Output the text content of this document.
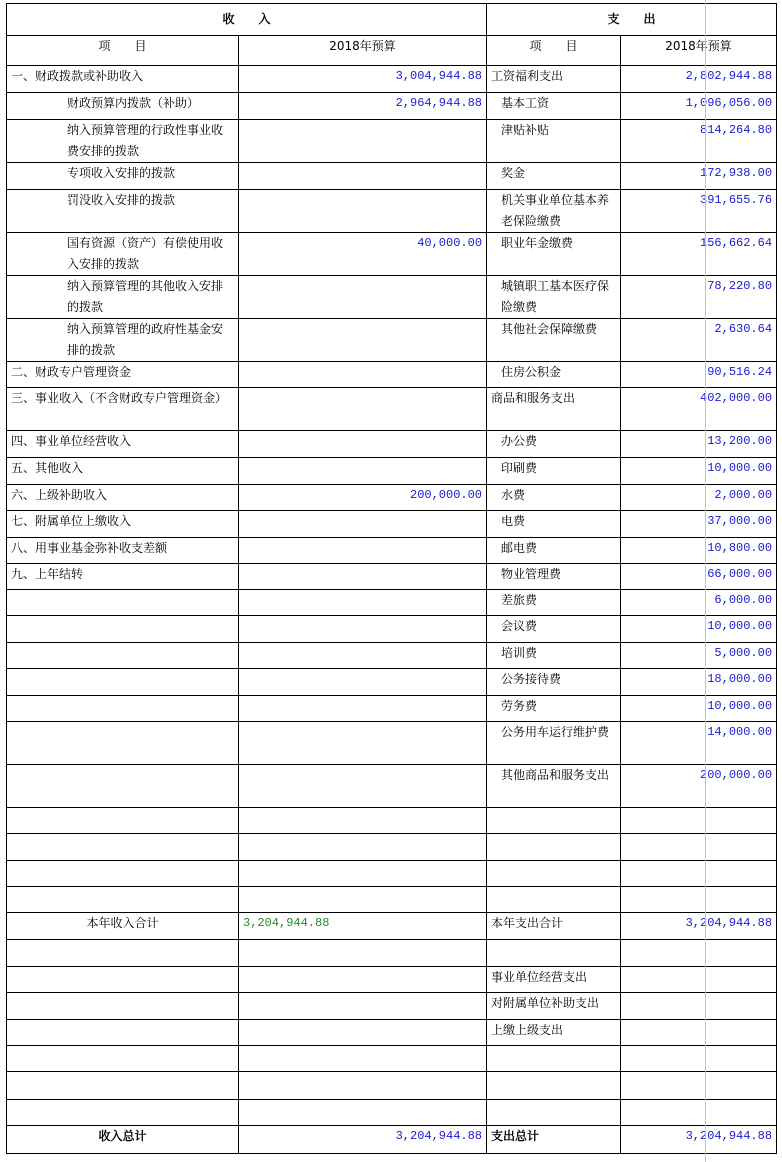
收　　入		支　　出	
项　　目	2018年预算	项　　目	2018年预算
一、财政拨款或补助收入	3,004,944.88	工资福利支出	2,802,944.88
财政预算内拨款（补助）	2,964,944.88	基本工资	1,096,056.00
纳入预算管理的行政性事业收费安排的拨款		津贴补贴	814,264.80
专项收入安排的拨款		奖金	172,938.00
罚没收入安排的拨款		机关事业单位基本养老保险缴费	391,655.76
国有资源（资产）有偿使用收入安排的拨款	40,000.00	职业年金缴费	156,662.64
纳入预算管理的其他收入安排的拨款		城镇职工基本医疗保险缴费	78,220.80
纳入预算管理的政府性基金安排的拨款		其他社会保障缴费	2,630.64
二、财政专户管理资金		住房公积金	90,516.24
三、事业收入（不含财政专户管理资金）		商品和服务支出	402,000.00
四、事业单位经营收入		办公费	13,200.00
五、其他收入		印刷费	10,000.00
六、上级补助收入	200,000.00	水费	2,000.00
七、附属单位上缴收入		电费	37,000.00
八、用事业基金弥补收支差额		邮电费	10,800.00
九、上年结转		物业管理费	66,000.00
		差旅费	6,000.00
		会议费	10,000.00
		培训费	5,000.00
		公务接待费	18,000.00
		劳务费	10,000.00
		公务用车运行维护费	14,000.00
		其他商品和服务支出	200,000.00

本年收入合计	3,204,944.88	本年支出合计	3,204,944.88

		事业单位经营支出	
		对附属单位补助支出	
		上缴上级支出	

收入总计	3,204,944.88	支出总计	3,204,944.88
